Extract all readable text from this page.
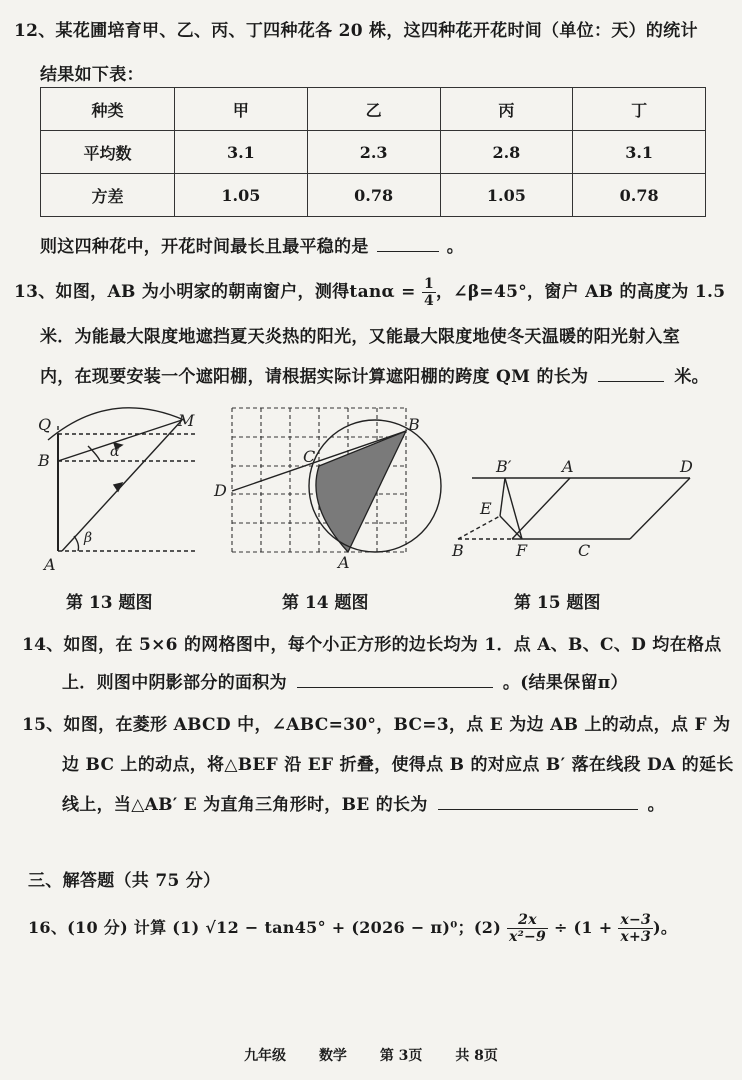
12、某花圃培育甲、乙、丙、丁四种花各 20 株，这四种花开花时间（单位：天）的统计
结果如下表：
种类	甲	乙	丙	丁
平均数	3.1	2.3	2.8	3.1
方差	1.05	0.78	1.05	0.78
则这四种花中，开花时间最长且最平稳的是	。
13、如图，AB 为小明家的朝南窗户，测得$\tan\alpha = \frac{1}{4}$ ，∠β=45°，窗户 AB 的高度为 1.5
米．为能最大限度地遮挡夏天炎热的阳光，又能最大限度地使冬天温暖的阳光射入室
内，在现要安装一个遮阳棚，请根据实际计算遮阳棚的跨度 QM 的长为	米。
Q	M
B
A
α
β
B
C
D
A
B′	A	D
E
B	F	C
第 13 题图	第 14 题图	第 15 题图
14、如图，在 5×6 的网格图中，每个小正方形的边长均为 1．点 A、B、C、D 均在格点
上．则图中阴影部分的面积为	。(结果保留π）
15、如图，在菱形 ABCD 中，∠ABC=30°，BC=3，点 E 为边 AB 上的动点，点 F 为
边 BC 上的动点，将△BEF 沿 EF 折叠，使得点 B 的对应点 B′ 落在线段 DA 的延长
线上，当△AB′ E 为直角三角形时，BE 的长为	。
三、解答题（共 75 分）
16、(10 分) 计算 (1) √12 − tan45° + (2026 − π)⁰；$(2) \frac{2x}{\text{x²−9}} \div (1 + \frac{x-3}{x+3}$ )。
九年级 数学 第 3页 共 8页
